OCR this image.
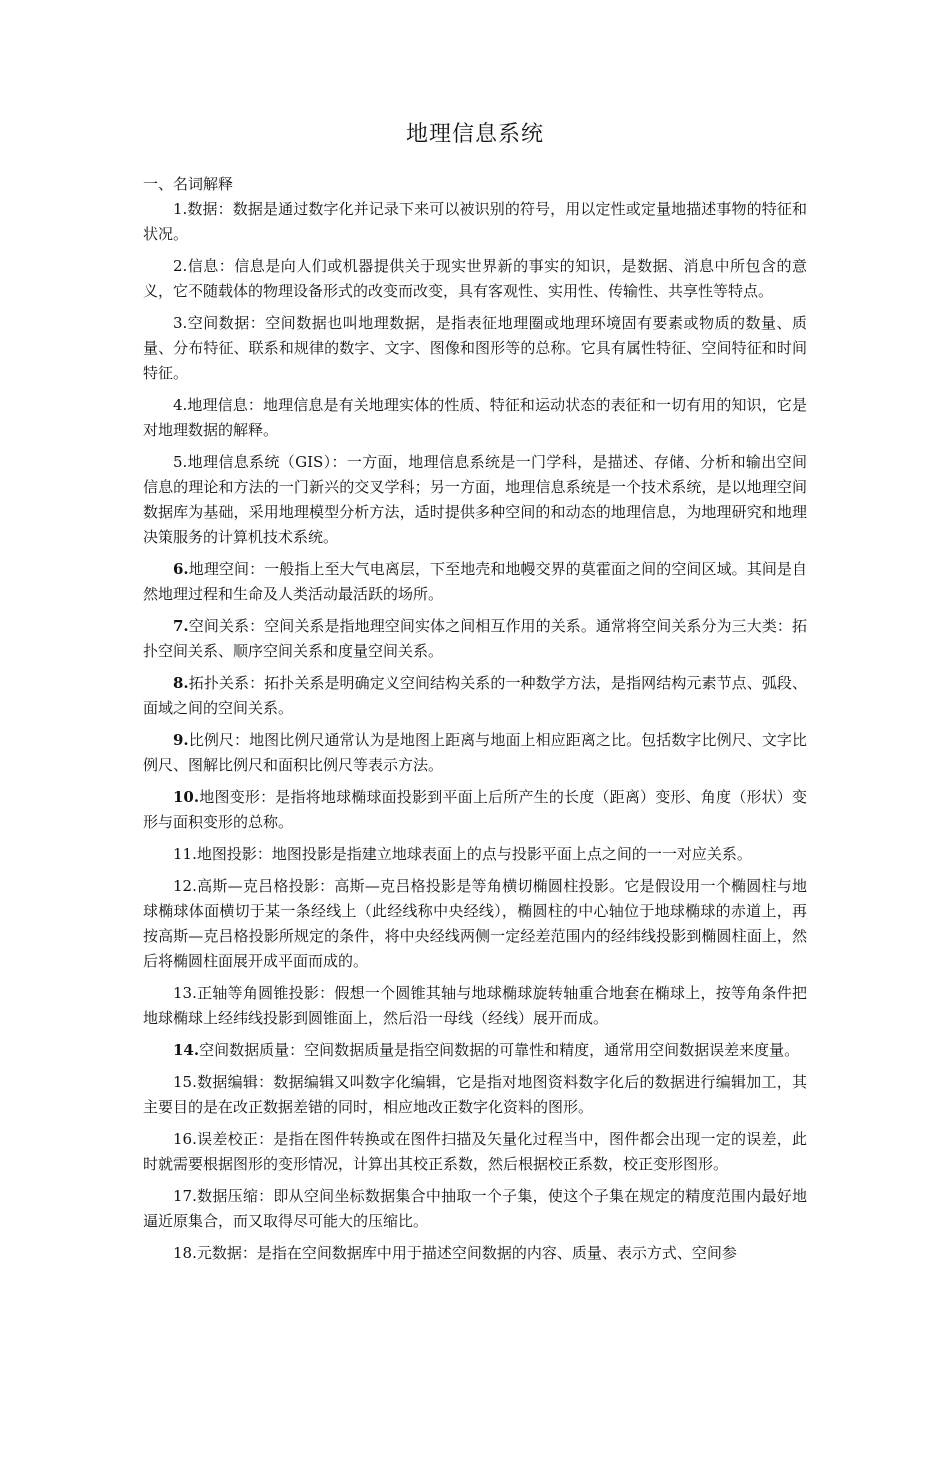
地理信息系统
一、名词解释

1.数据：数据是通过数字化并记录下来可以被识别的符号，用以定性或定量地描述事物的特征和状况。

2.信息：信息是向人们或机器提供关于现实世界新的事实的知识，是数据、消息中所包含的意义，它不随载体的物理设备形式的改变而改变，具有客观性、实用性、传输性、共享性等特点。

3.空间数据：空间数据也叫地理数据，是指表征地理圈或地理环境固有要素或物质的数量、质量、分布特征、联系和规律的数字、文字、图像和图形等的总称。它具有属性特征、空间特征和时间特征。

4.地理信息：地理信息是有关地理实体的性质、特征和运动状态的表征和一切有用的知识，它是对地理数据的解释。

5.地理信息系统（GIS）：一方面，地理信息系统是一门学科，是描述、存储、分析和输出空间信息的理论和方法的一门新兴的交叉学科；另一方面，地理信息系统是一个技术系统，是以地理空间数据库为基础，采用地理模型分析方法，适时提供多种空间的和动态的地理信息，为地理研究和地理决策服务的计算机技术系统。

6.地理空间：一般指上至大气电离层，下至地壳和地幔交界的莫霍面之间的空间区域。其间是自然地理过程和生命及人类活动最活跃的场所。

7.空间关系：空间关系是指地理空间实体之间相互作用的关系。通常将空间关系分为三大类：拓扑空间关系、顺序空间关系和度量空间关系。

8.拓扑关系：拓扑关系是明确定义空间结构关系的一种数学方法，是指网结构元素节点、弧段、面域之间的空间关系。

9.比例尺：地图比例尺通常认为是地图上距离与地面上相应距离之比。包括数字比例尺、文字比例尺、图解比例尺和面积比例尺等表示方法。

10.地图变形：是指将地球椭球面投影到平面上后所产生的长度（距离）变形、角度（形状）变形与面积变形的总称。

11.地图投影：地图投影是指建立地球表面上的点与投影平面上点之间的一一对应关系。

12.高斯—克吕格投影：高斯—克吕格投影是等角横切椭圆柱投影。它是假设用一个椭圆柱与地球椭球体面横切于某一条经线上（此经线称中央经线），椭圆柱的中心轴位于地球椭球的赤道上，再按高斯—克吕格投影所规定的条件，将中央经线两侧一定经差范围内的经纬线投影到椭圆柱面上，然后将椭圆柱面展开成平面而成的。

13.正轴等角圆锥投影：假想一个圆锥其轴与地球椭球旋转轴重合地套在椭球上，按等角条件把地球椭球上经纬线投影到圆锥面上，然后沿一母线（经线）展开而成。

14.空间数据质量：空间数据质量是指空间数据的可靠性和精度，通常用空间数据误差来度量。

15.数据编辑：数据编辑又叫数字化编辑，它是指对地图资料数字化后的数据进行编辑加工，其主要目的是在改正数据差错的同时，相应地改正数字化资料的图形。

16.误差校正：是指在图件转换或在图件扫描及矢量化过程当中，图件都会出现一定的误差，此时就需要根据图形的变形情况，计算出其校正系数，然后根据校正系数，校正变形图形。

17.数据压缩：即从空间坐标数据集合中抽取一个子集，使这个子集在规定的精度范围内最好地逼近原集合，而又取得尽可能大的压缩比。

18.元数据：是指在空间数据库中用于描述空间数据的内容、质量、表示方式、空间参
